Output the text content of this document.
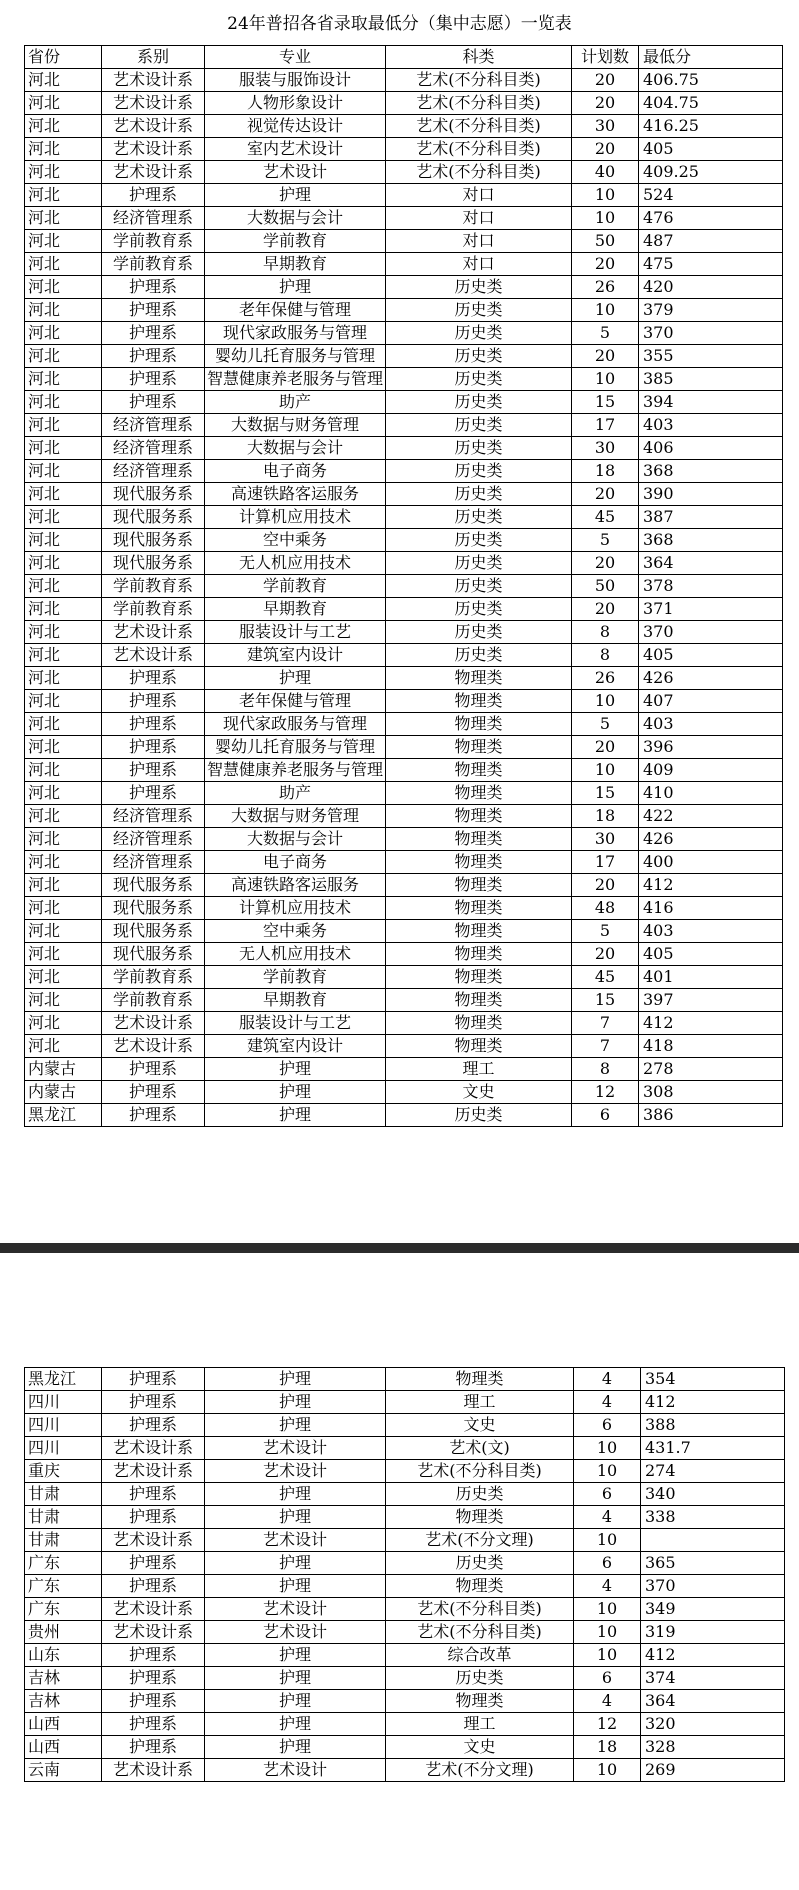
24年普招各省录取最低分（集中志愿）一览表
省份	系别	专业	科类	计划数	最低分
河北	艺术设计系	服装与服饰设计	艺术(不分科目类)	20	406.75
河北	艺术设计系	人物形象设计	艺术(不分科目类)	20	404.75
河北	艺术设计系	视觉传达设计	艺术(不分科目类)	30	416.25
河北	艺术设计系	室内艺术设计	艺术(不分科目类)	20	405
河北	艺术设计系	艺术设计	艺术(不分科目类)	40	409.25
河北	护理系	护理	对口	10	524
河北	经济管理系	大数据与会计	对口	10	476
河北	学前教育系	学前教育	对口	50	487
河北	学前教育系	早期教育	对口	20	475
河北	护理系	护理	历史类	26	420
河北	护理系	老年保健与管理	历史类	10	379
河北	护理系	现代家政服务与管理	历史类	5	370
河北	护理系	婴幼儿托育服务与管理	历史类	20	355
河北	护理系	智慧健康养老服务与管理	历史类	10	385
河北	护理系	助产	历史类	15	394
河北	经济管理系	大数据与财务管理	历史类	17	403
河北	经济管理系	大数据与会计	历史类	30	406
河北	经济管理系	电子商务	历史类	18	368
河北	现代服务系	高速铁路客运服务	历史类	20	390
河北	现代服务系	计算机应用技术	历史类	45	387
河北	现代服务系	空中乘务	历史类	5	368
河北	现代服务系	无人机应用技术	历史类	20	364
河北	学前教育系	学前教育	历史类	50	378
河北	学前教育系	早期教育	历史类	20	371
河北	艺术设计系	服装设计与工艺	历史类	8	370
河北	艺术设计系	建筑室内设计	历史类	8	405
河北	护理系	护理	物理类	26	426
河北	护理系	老年保健与管理	物理类	10	407
河北	护理系	现代家政服务与管理	物理类	5	403
河北	护理系	婴幼儿托育服务与管理	物理类	20	396
河北	护理系	智慧健康养老服务与管理	物理类	10	409
河北	护理系	助产	物理类	15	410
河北	经济管理系	大数据与财务管理	物理类	18	422
河北	经济管理系	大数据与会计	物理类	30	426
河北	经济管理系	电子商务	物理类	17	400
河北	现代服务系	高速铁路客运服务	物理类	20	412
河北	现代服务系	计算机应用技术	物理类	48	416
河北	现代服务系	空中乘务	物理类	5	403
河北	现代服务系	无人机应用技术	物理类	20	405
河北	学前教育系	学前教育	物理类	45	401
河北	学前教育系	早期教育	物理类	15	397
河北	艺术设计系	服装设计与工艺	物理类	7	412
河北	艺术设计系	建筑室内设计	物理类	7	418
内蒙古	护理系	护理	理工	8	278
内蒙古	护理系	护理	文史	12	308
黑龙江	护理系	护理	历史类	6	386
黑龙江	护理系	护理	物理类	4	354
四川	护理系	护理	理工	4	412
四川	护理系	护理	文史	6	388
四川	艺术设计系	艺术设计	艺术(文)	10	431.7
重庆	艺术设计系	艺术设计	艺术(不分科目类)	10	274
甘肃	护理系	护理	历史类	6	340
甘肃	护理系	护理	物理类	4	338
甘肃	艺术设计系	艺术设计	艺术(不分文理)	10	
广东	护理系	护理	历史类	6	365
广东	护理系	护理	物理类	4	370
广东	艺术设计系	艺术设计	艺术(不分科目类)	10	349
贵州	艺术设计系	艺术设计	艺术(不分科目类)	10	319
山东	护理系	护理	综合改革	10	412
吉林	护理系	护理	历史类	6	374
吉林	护理系	护理	物理类	4	364
山西	护理系	护理	理工	12	320
山西	护理系	护理	文史	18	328
云南	艺术设计系	艺术设计	艺术(不分文理)	10	269
